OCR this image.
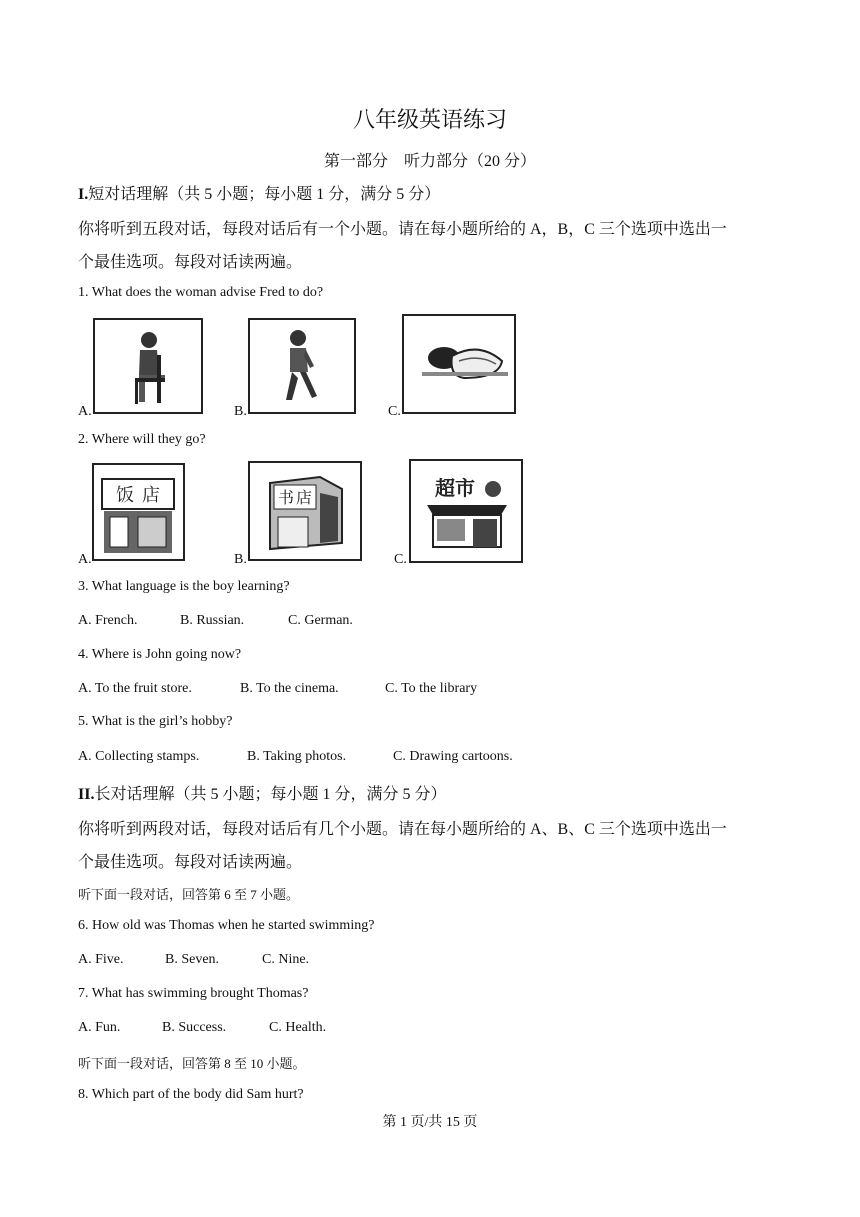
八年级英语练习
第一部分　听力部分（20 分）
I.短对话理解（共 5 小题；每小题 1 分，满分 5 分）
你将听到五段对话，每段对话后有一个小题。请在每小题所给的 A，B，C 三个选项中选出一
个最佳选项。每段对话读两遍。
1. What does the woman advise Fred to do?
A.	B.	C.
2. Where will they go?
饭 店	书 店	超市
A.	B.	C.
3. What language is the boy learning?
A. French.	B. Russian.	C. German.
4. Where is John going now?
A. To the fruit store.	B. To the cinema.	C. To the library
5. What is the girl’s hobby?
A. Collecting stamps.	B. Taking photos.	C. Drawing cartoons.
II.长对话理解（共 5 小题；每小题 1 分，满分 5 分）
你将听到两段对话，每段对话后有几个小题。请在每小题所给的 A、B、C 三个选项中选出一
个最佳选项。每段对话读两遍。
听下面一段对话，回答第 6 至 7 小题。
6. How old was Thomas when he started swimming?
A. Five.	B. Seven.	C. Nine.
7. What has swimming brought Thomas?
A. Fun.	B. Success.	C. Health.
听下面一段对话，回答第 8 至 10 小题。
8. Which part of the body did Sam hurt?
第 1 页/共 15 页
